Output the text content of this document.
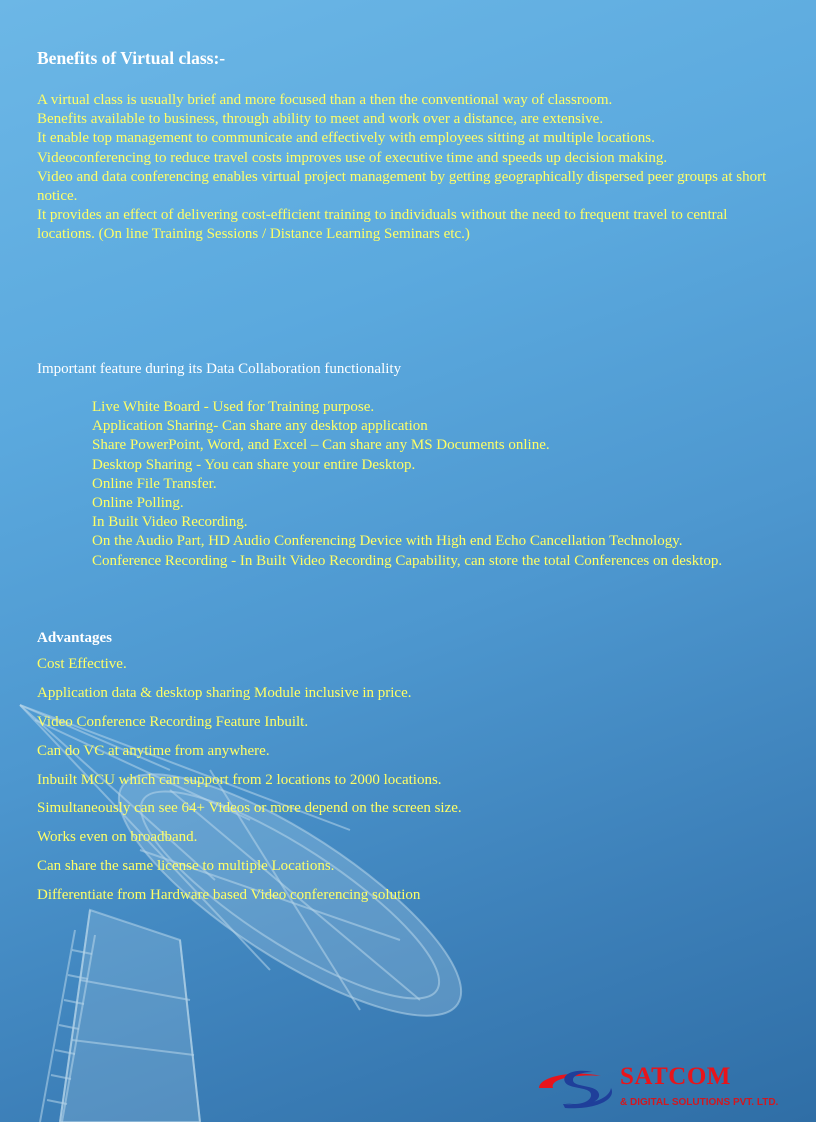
Benefits of Virtual class:-

A virtual class is usually brief and more focused than a then the conventional way of classroom.

Benefits available to business, through ability to meet and work over a distance, are extensive.

It enable top management to communicate and effectively with employees sitting at multiple locations.

Videoconferencing to reduce travel costs improves use of executive time and speeds up decision making.

Video and data conferencing enables virtual project management by getting geographically dispersed peer groups at short notice.

It provides an effect of delivering cost-efficient training to individuals without the need to frequent travel to central locations. (On line Training Sessions / Distance Learning Seminars etc.)

Important feature during its Data Collaboration functionality

Live White Board - Used for Training purpose.

Application Sharing- Can share any desktop application

Share PowerPoint, Word, and Excel – Can share any MS Documents online.

Desktop Sharing - You can share your entire Desktop.

Online File Transfer.

Online Polling.

In Built Video Recording.

On the Audio Part, HD Audio Conferencing Device with High end Echo Cancellation Technology.

Conference Recording - In Built Video Recording Capability, can store the total Conferences on desktop.

Advantages
Cost Effective.
Application data & desktop sharing Module inclusive in price.
Video Conference Recording Feature Inbuilt.
Can do VC at anytime from anywhere.
Inbuilt MCU which can support from 2 locations to 2000 locations.
Simultaneously can see 64+ Videos or more depend on the screen size.
Works even on broadband.
Can share the same license to multiple Locations.
Differentiate from Hardware based Video conferencing solution
SATCOM
& DIGITAL SOLUTIONS PVT. LTD.
